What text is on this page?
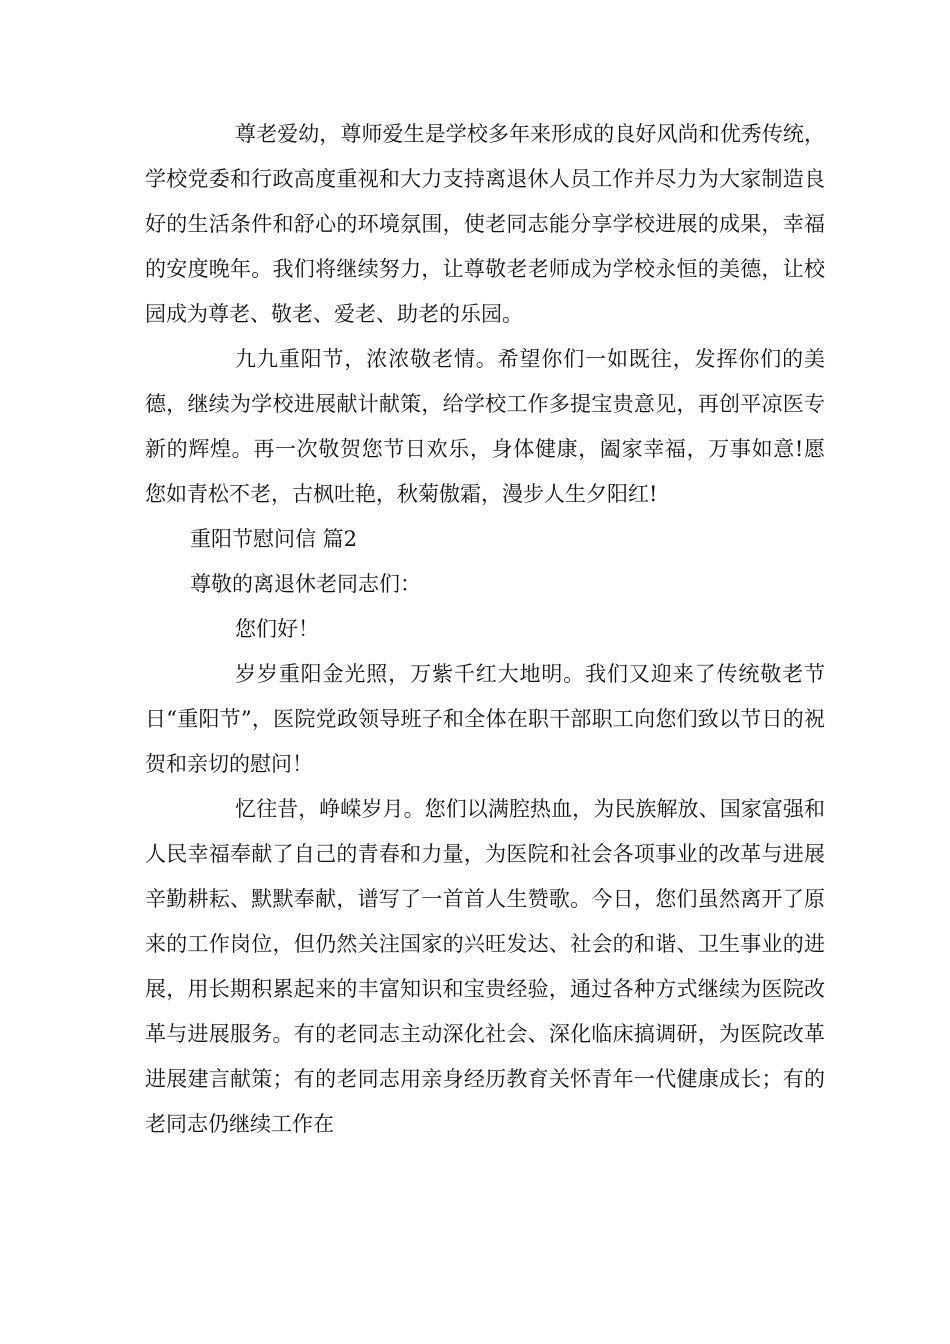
尊老爱幼，尊师爱生是学校多年来形成的良好风尚和优秀传统，学校党委和行政高度重视和大力支持离退休人员工作并尽力为大家制造良好的生活条件和舒心的环境氛围，使老同志能分享学校进展的成果，幸福的安度晚年。我们将继续努力，让尊敬老老师成为学校永恒的美德，让校园成为尊老、敬老、爱老、助老的乐园。

九九重阳节，浓浓敬老情。希望你们一如既往，发挥你们的美德，继续为学校进展献计献策，给学校工作多提宝贵意见，再创平凉医专新的辉煌。再一次敬贺您节日欢乐，身体健康，阖家幸福，万事如意!愿您如青松不老，古枫吐艳，秋菊傲霜，漫步人生夕阳红!

重阳节慰问信 篇2

尊敬的离退休老同志们：

您们好！

岁岁重阳金光照，万紫千红大地明。我们又迎来了传统敬老节日“重阳节”，医院党政领导班子和全体在职干部职工向您们致以节日的祝贺和亲切的慰问！

忆往昔，峥嵘岁月。您们以满腔热血，为民族解放、国家富强和人民幸福奉献了自己的青春和力量，为医院和社会各项事业的改革与进展辛勤耕耘、默默奉献，谱写了一首首人生赞歌。今日，您们虽然离开了原来的工作岗位，但仍然关注国家的兴旺发达、社会的和谐、卫生事业的进展，用长期积累起来的丰富知识和宝贵经验，通过各种方式继续为医院改革与进展服务。有的老同志主动深化社会、深化临床搞调研，为医院改革进展建言献策；有的老同志用亲身经历教育关怀青年一代健康成长；有的老同志仍继续工作在
